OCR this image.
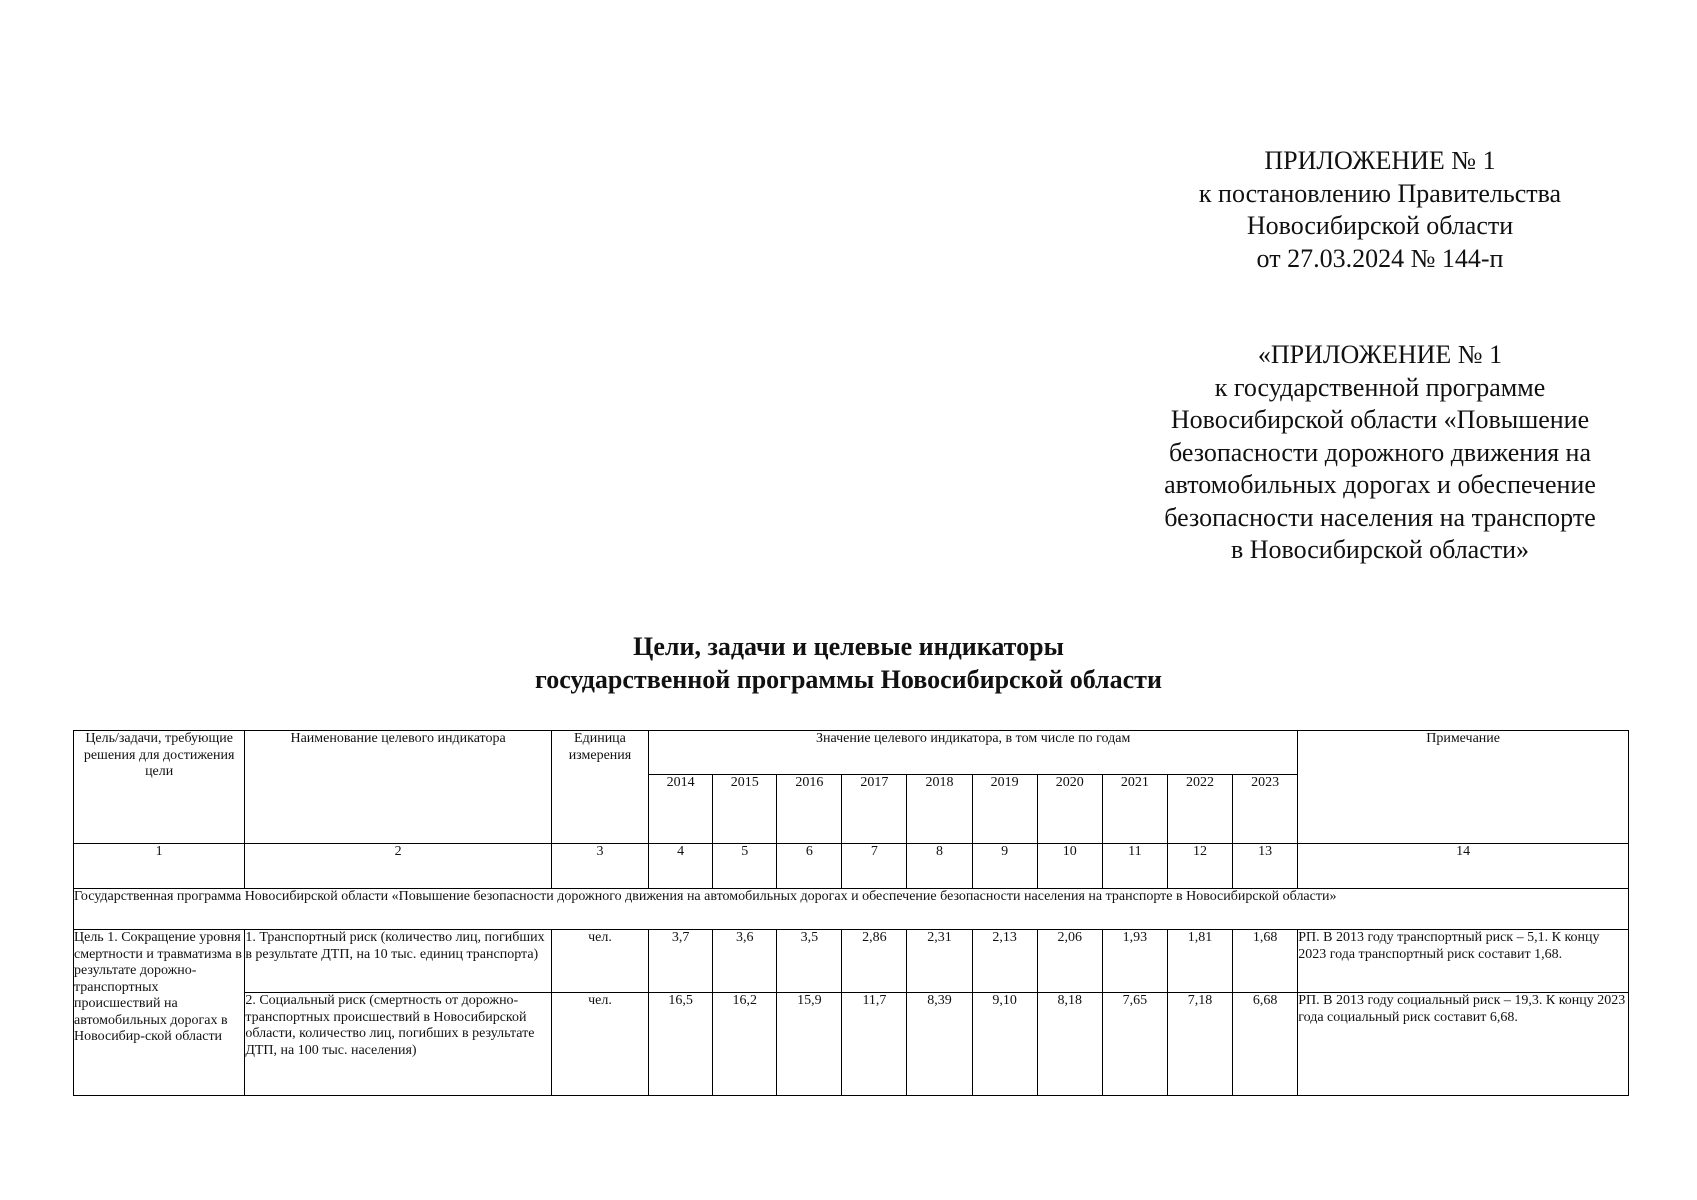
ПРИЛОЖЕНИЕ № 1
к постановлению Правительства
Новосибирской области
от 27.03.2024 № 144-п
«ПРИЛОЖЕНИЕ № 1
к государственной программе
Новосибирской области «Повышение
безопасности дорожного движения на
автомобильных дорогах и обеспечение
безопасности населения на транспорте
в Новосибирской области»
Цели, задачи и целевые индикаторы
государственной программы Новосибирской области
Цель/задачи, требующие решения для достижения цели	Наименование целевого индикатора	Единица измерения	Значение целевого индикатора, в том числе по годам										Примечание
			2014	2015	2016	2017	2018	2019	2020	2021	2022	2023	
1	2	3	4	5	6	7	8	9	10	11	12	13	14
Государственная программа Новосибирской области «Повышение безопасности дорожного движения на автомобильных дорогах и обеспечение безопасности населения на транспорте в Новосибирской области»													
Цель 1. Сокращение уровня смертности и травматизма в результате дорожно-транспортных происшествий на автомобильных дорогах в Новосибир-ской области	1. Транспортный риск (количество лиц, погибших в результате ДТП, на 10 тыс. единиц транспорта)	чел.	3,7	3,6	3,5	2,86	2,31	2,13	2,06	1,93	1,81	1,68	РП. В 2013 году транспортный риск – 5,1. К концу 2023 года транспортный риск составит 1,68.
	2. Социальный риск (смертность от дорожно-транспортных происшествий в Новосибирской области, количество лиц, погибших в результате ДТП, на 100 тыс. населения)	чел.	16,5	16,2	15,9	11,7	8,39	9,10	8,18	7,65	7,18	6,68	РП. В 2013 году социальный риск – 19,3. К концу 2023 года социальный риск составит 6,68.
